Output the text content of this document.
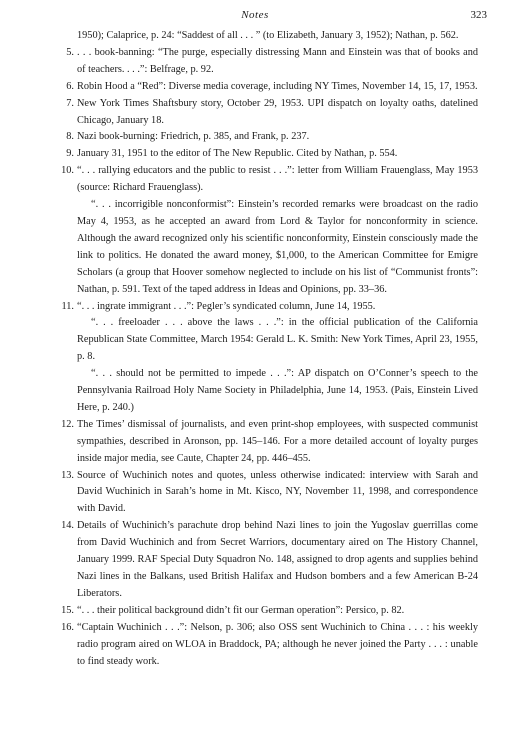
Notes	323
1950); Calaprice, p. 24: “Saddest of all . . . ” (to Elizabeth, January 3, 1952); Nathan, p. 562.
5. . . . book-banning: “The purge, especially distressing Mann and Einstein was that of books and of teachers. . . .”: Belfrage, p. 92.
6. Robin Hood a “Red”: Diverse media coverage, including NY Times, November 14, 15, 17, 1953.
7. New York Times Shaftsbury story, October 29, 1953. UPI dispatch on loyalty oaths, datelined Chicago, January 18.
8. Nazi book-burning: Friedrich, p. 385, and Frank, p. 237.
9. January 31, 1951 to the editor of The New Republic. Cited by Nathan, p. 554.
10. “. . . rallying educators and the public to resist . . .”: letter from William Frauenglass, May 1953 (source: Richard Frauenglass).
“. . . incorrigible nonconformist”: Einstein’s recorded remarks were broadcast on the radio May 4, 1953, as he accepted an award from Lord & Taylor for nonconformity in science. Although the award recognized only his scientific nonconformity, Einstein consciously made the link to politics. He donated the award money, $1,000, to the American Committee for Emigre Scholars (a group that Hoover somehow neglected to include on his list of “Communist fronts”: Nathan, p. 591. Text of the taped address in Ideas and Opinions, pp. 33–36.
11. “. . . ingrate immigrant . . .”: Pegler’s syndicated column, June 14, 1955.
“. . . freeloader . . . above the laws . . .”: in the official publication of the California Republican State Committee, March 1954: Gerald L. K. Smith: New York Times, April 23, 1955, p. 8.
“. . . should not be permitted to impede . . .”: AP dispatch on O’Conner’s speech to the Pennsylvania Railroad Holy Name Society in Philadelphia, June 14, 1953. (Pais, Einstein Lived Here, p. 240.)
12. The Times’ dismissal of journalists, and even print-shop employees, with suspected communist sympathies, described in Aronson, pp. 145–146. For a more detailed account of loyalty purges inside major media, see Caute, Chapter 24, pp. 446–455.
13. Source of Wuchinich notes and quotes, unless otherwise indicated: interview with Sarah and David Wuchinich in Sarah’s home in Mt. Kisco, NY, November 11, 1998, and correspondence with David.
14. Details of Wuchinich’s parachute drop behind Nazi lines to join the Yugoslav guerrillas come from David Wuchinich and from Secret Warriors, documentary aired on The History Channel, January 1999. RAF Special Duty Squadron No. 148, assigned to drop agents and supplies behind Nazi lines in the Balkans, used British Halifax and Hudson bombers and a few American B-24 Liberators.
15. “. . . their political background didn’t fit our German operation”: Persico, p. 82.
16. “Captain Wuchinich . . .”: Nelson, p. 306; also OSS sent Wuchinich to China . . . : his weekly radio program aired on WLOA in Braddock, PA; although he never joined the Party . . . : unable to find steady work.
